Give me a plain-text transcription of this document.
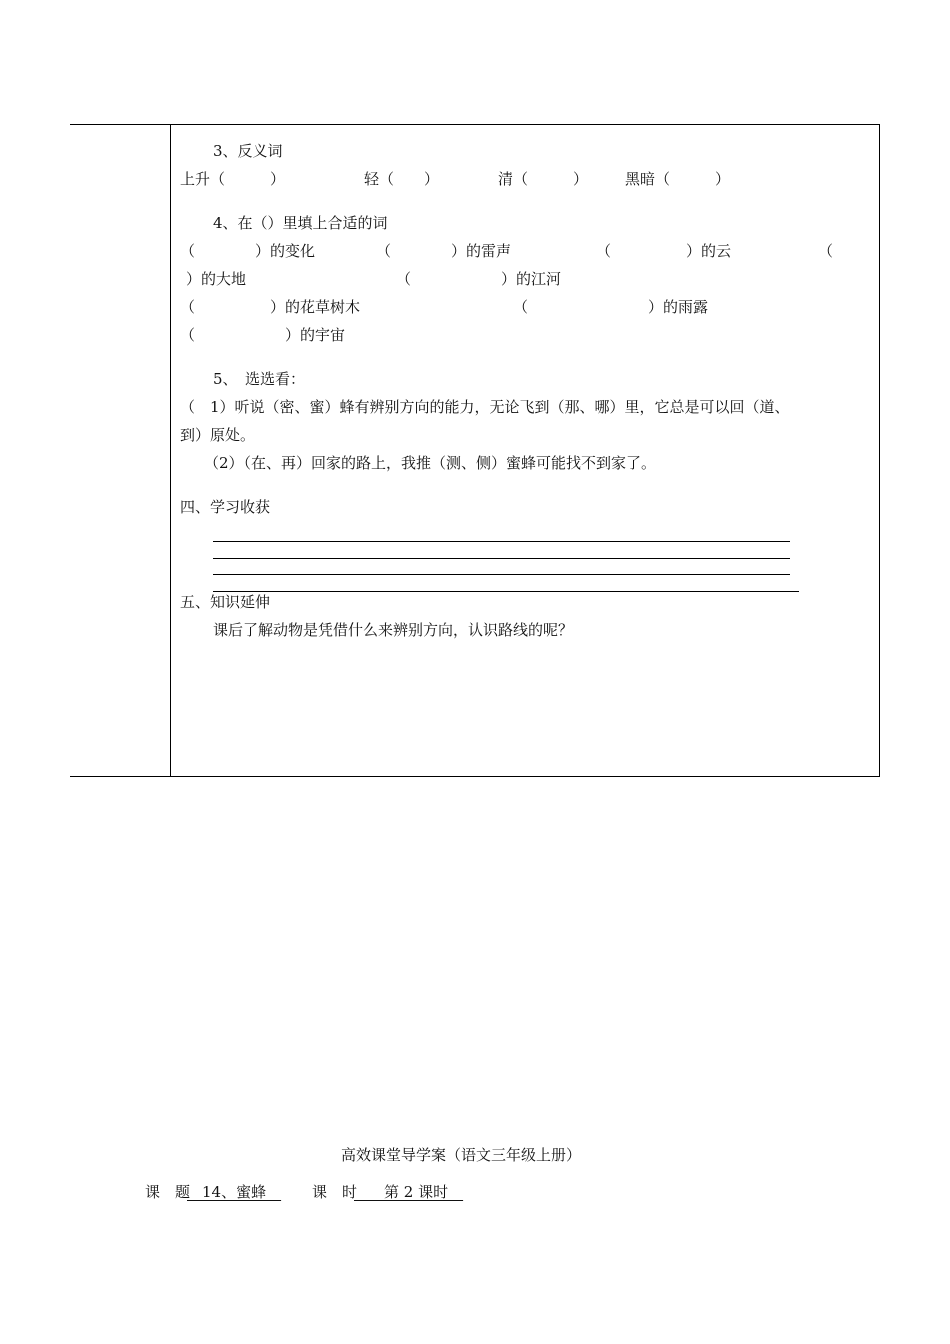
3、反义词
上升（　　　）	轻（　　）	清（　　　） 黑暗（　　　）
4、在（）里填上合适的词
（　　　　）的变化	（　　　　）的雷声	（　　　　　）的云	（
）的大地	（　　　　　　）的江河
（　　　　　）的花草树木	（　　　　　　　　）的雨露
（　　　　　　）的宇宙
5、　选选看：
（　1）听说（密、蜜）蜂有辨别方向的能力，无论飞到（那、哪）里，它总是可以回（道、
到）原处。
（2）（在、再）回家的路上，我推（测、侧）蜜蜂可能找不到家了。
四、学习收获
五、知识延伸
课后了解动物是凭借什么来辨别方向，认识路线的呢？
高效课堂导学案（语文三年级上册）
课　题
　14、蜜蜂　 课　时
　　第 2 课时　
